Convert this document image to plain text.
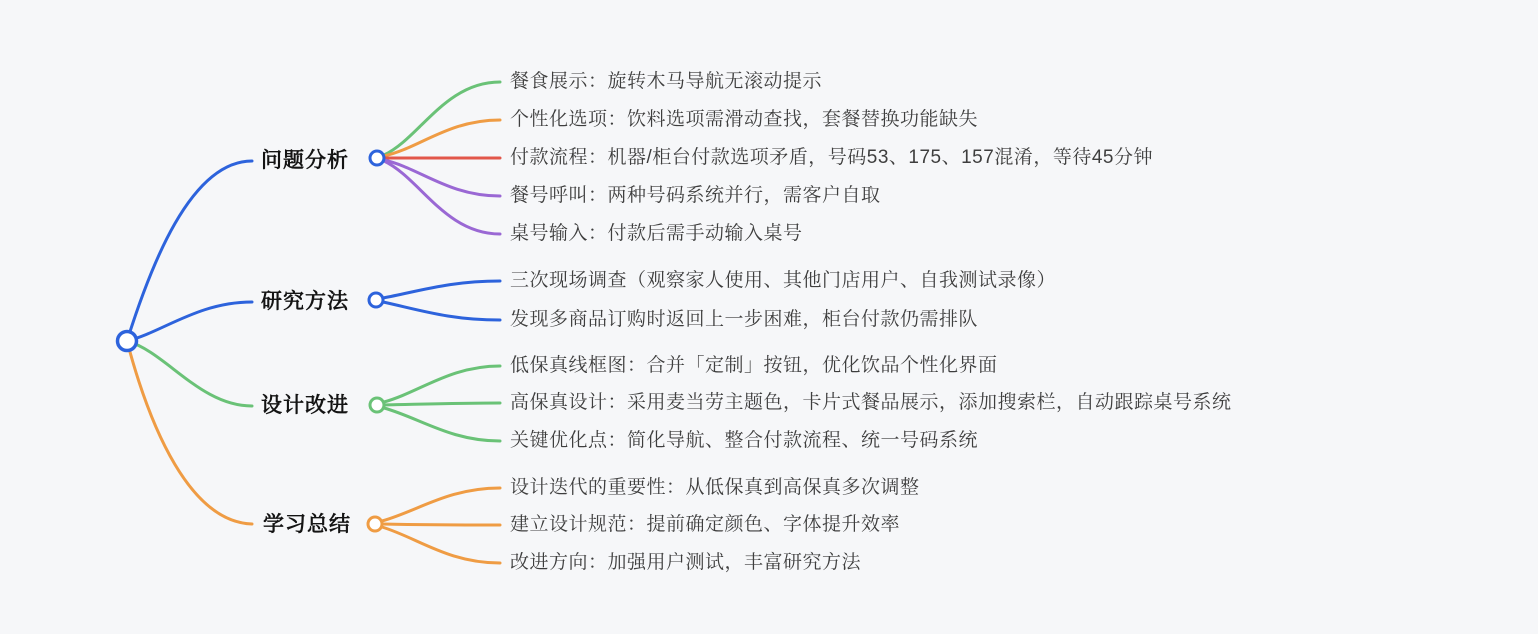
问题分析
研究方法
设计改进
学习总结
餐食展示：旋转木马导航无滚动提示
个性化选项：饮料选项需滑动查找，套餐替换功能缺失
付款流程：机器/柜台付款选项矛盾，号码53、175、157混淆，等待45分钟
餐号呼叫：两种号码系统并行，需客户自取
桌号输入：付款后需手动输入桌号
三次现场调查（观察家人使用、其他门店用户、自我测试录像）
发现多商品订购时返回上一步困难，柜台付款仍需排队
低保真线框图：合并「定制」按钮，优化饮品个性化界面
高保真设计：采用麦当劳主题色，卡片式餐品展示，添加搜索栏，自动跟踪桌号系统
关键优化点：简化导航、整合付款流程、统一号码系统
设计迭代的重要性：从低保真到高保真多次调整
建立设计规范：提前确定颜色、字体提升效率
改进方向：加强用户测试，丰富研究方法
